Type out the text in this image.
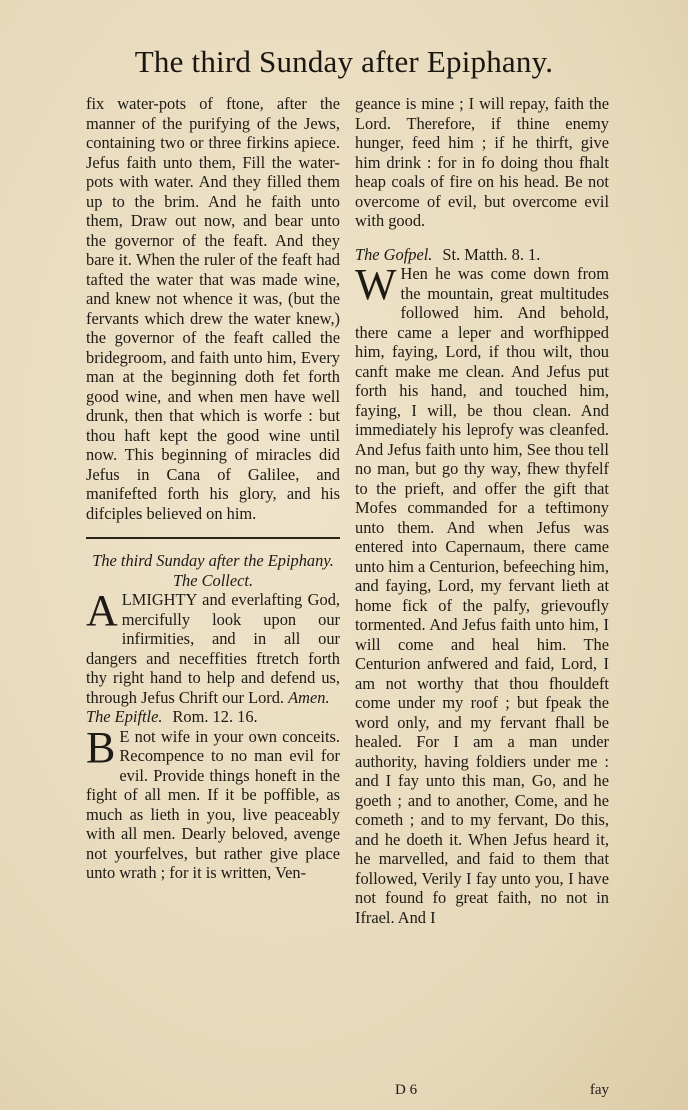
The third Sunday after Epiphany.

fix water-pots of ftone, after the manner of the purifying of the Jews, containing two or three firkins apiece. Jefus faith unto them, Fill the water-pots with water. And they filled them up to the brim. And he faith unto them, Draw out now, and bear unto the governor of the feaft. And they bare it. When the ruler of the feaft had tafted the water that was made wine, and knew not whence it was, (but the fervants which drew the water knew,) the governor of the feaft called the bridegroom, and faith unto him, Every man at the beginning doth fet forth good wine, and when men have well drunk, then that which is worfe : but thou haft kept the good wine until now. This beginning of miracles did Jefus in Cana of Galilee, and manifefted forth his glory, and his difciples believed on him.

The third Sunday after the Epiphany.

The Collect.

ALMIGHTY and everlafting God, mercifully look upon our infirmities, and in all our dangers and neceffities ftretch forth thy right hand to help and defend us, through Jefus Chrift our Lord. Amen.

The Epiftle. Rom. 12. 16.

B E not wife in your own conceits. Recompence to no man evil for evil. Provide things honeft in the fight of all men. If it be poffible, as much as lieth in you, live peaceably with all men. Dearly beloved, avenge not yourfelves, but rather give place unto wrath ; for it is written, Ven-

geance is mine ; I will repay, faith the Lord. Therefore, if thine enemy hunger, feed him ; if he thirft, give him drink : for in fo doing thou fhalt heap coals of fire on his head. Be not overcome of evil, but overcome evil with good.

The Gofpel. St. Matth. 8. 1.

W Hen he was come down from the mountain, great multitudes followed him. And behold, there came a leper and worfhipped him, faying, Lord, if thou wilt, thou canft make me clean. And Jefus put forth his hand, and touched him, faying, I will, be thou clean. And immediately his leprofy was cleanfed. And Jefus faith unto him, See thou tell no man, but go thy way, fhew thyfelf to the prieft, and offer the gift that Mofes commanded for a teftimony unto them. And when Jefus was entered into Capernaum, there came unto him a Centurion, befeeching him, and faying, Lord, my fervant lieth at home fick of the palfy, grievoufly tormented. And Jefus faith unto him, I will come and heal him. The Centurion anfwered and faid, Lord, I am not worthy that thou fhouldeft come under my roof ; but fpeak the word only, and my fervant fhall be healed. For I am a man under authority, having foldiers under me : and I fay unto this man, Go, and he goeth ; and to another, Come, and he cometh ; and to my fervant, Do this, and he doeth it. When Jefus heard it, he marvelled, and faid to them that followed, Verily I fay unto you, I have not found fo great faith, no not in Ifrael. And I

D 6	fay
